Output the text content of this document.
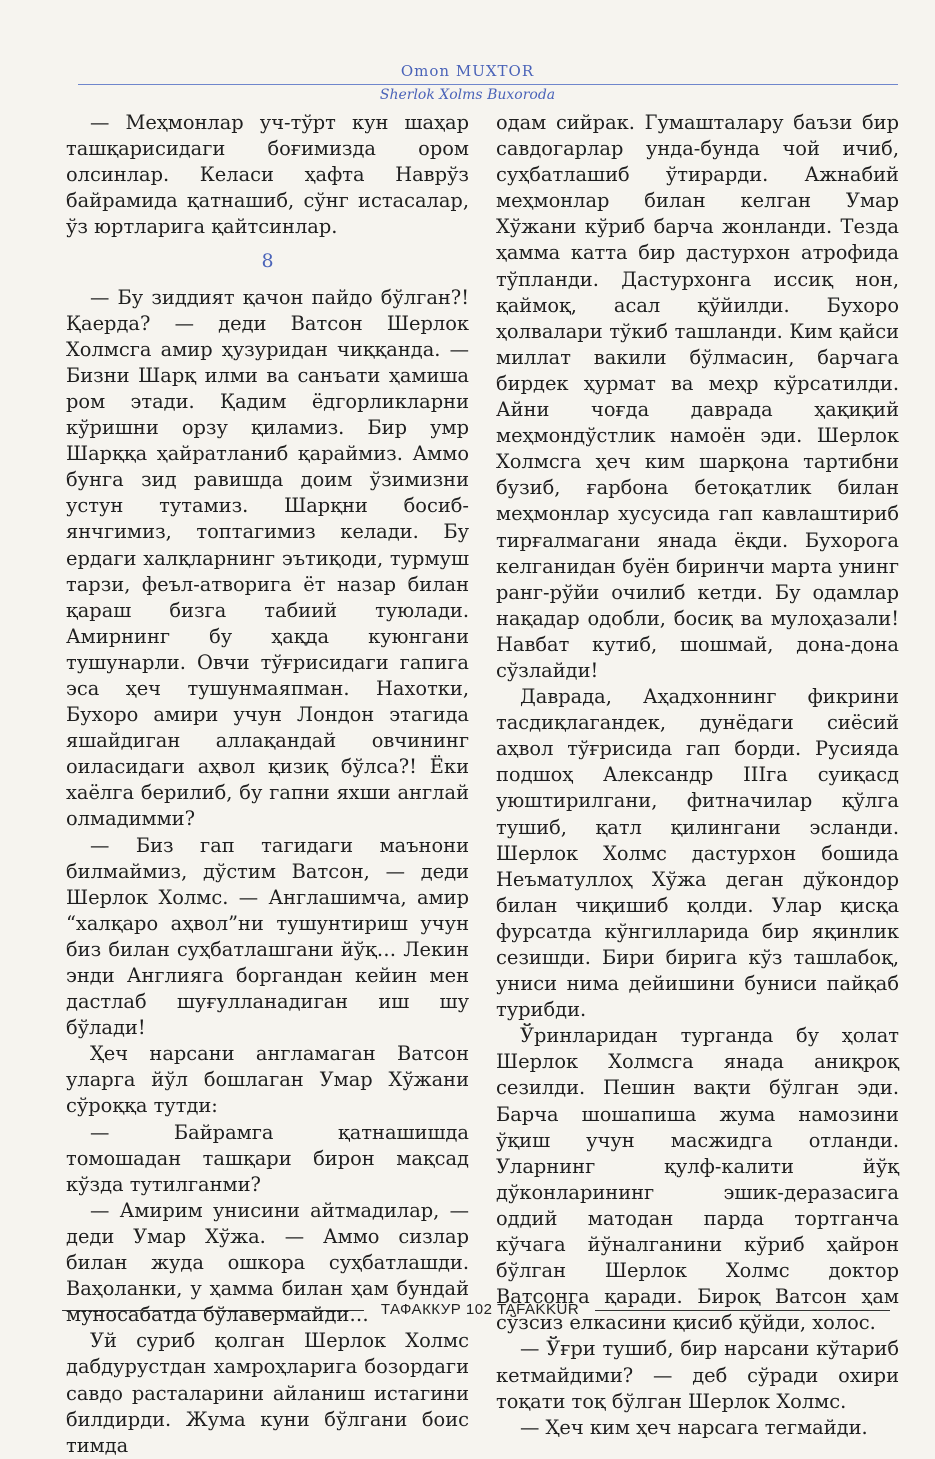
Omon MUXTOR
Sherlok Xolms Buxoroda

— Меҳмонлар уч-тўрт кун шаҳар ташқарисидаги боғимизда ором олсинлар. Келаси ҳафта Наврўз байрамида қатнашиб, сўнг истасалар, ўз юртларига қайтсинлар.

8

— Бу зиддият қачон пайдо бўлган?! Қаерда? — деди Ватсон Шерлок Холмсга амир ҳузуридан чиққанда. — Бизни Шарқ илми ва санъати ҳамиша ром этади. Қадим ёдгорликларни кўришни орзу қиламиз. Бир умр Шарққа ҳайратланиб қараймиз. Аммо бунга зид равишда доим ўзимизни устун тутамиз. Шарқни босиб-янчгимиз, топтагимиз келади. Бу ердаги халқларнинг эътиқоди, турмуш тарзи, феъл-атворига ёт назар билан қараш бизга табиий туюлади. Амирнинг бу ҳақда куюнгани тушунарли. Овчи тўғрисидаги гапига эса ҳеч тушунмаяпман. Нахотки, Бухоро амири учун Лондон этагида яшайдиган аллақандай овчининг оиласидаги аҳвол қизиқ бўлса?! Ёки хаёлга берилиб, бу гапни яхши англай олмадимми?

— Биз гап тагидаги маънони билмаймиз, дўстим Ватсон, — деди Шерлок Холмс. — Англашимча, амир “халқаро аҳвол”ни тушунтириш учун биз билан суҳбатлашгани йўқ… Лекин энди Англияга боргандан кейин мен дастлаб шуғулланадиган иш шу бўлади!

Ҳеч нарсани англамаган Ватсон уларга йўл бошлаган Умар Хўжани сўроққа тутди:

— Байрамга қатнашишда томошадан ташқари бирон мақсад кўзда тутилганми?

— Амирим унисини айтмадилар, — деди Умар Хўжа. — Аммо сизлар билан жуда ошкора суҳбатлашди. Ваҳоланки, у ҳамма билан ҳам бундай муносабатда бўлавермайди…

Уй суриб қолган Шерлок Холмс дабдурустдан хамроҳларига бозордаги савдо расталарини айланиш истагини билдирди. Жума куни бўлгани боис тимда

одам сийрак. Гумашталару баъзи бир савдогарлар унда-бунда чой ичиб, суҳбатлашиб ўтирарди. Ажнабий меҳмонлар билан келган Умар Хўжани кўриб барча жонланди. Тезда ҳамма катта бир дастурхон атрофида тўпланди. Дастурхонга иссиқ нон, қаймоқ, асал қўйилди. Бухоро ҳолвалари тўкиб ташланди. Ким қайси миллат вакили бўлмасин, барчага бирдек ҳурмат ва меҳр кўрсатилди. Айни чоғда даврада ҳақиқий меҳмондўстлик намоён эди. Шерлок Холмсга ҳеч ким шарқона тартибни бузиб, ғарбона бетоқатлик билан меҳмонлар хусусида гап кавлаштириб тирғалмагани янада ёқди. Бухорога келганидан буён биринчи марта унинг ранг-рўйи очилиб кетди. Бу одамлар нақадар одобли, босиқ ва мулоҳазали! Навбат кутиб, шошмай, дона-дона сўзлайди!

Даврада, Аҳадхоннинг фикрини тасдиқлагандек, дунёдаги сиёсий аҳвол тўғрисида гап борди. Русияда подшоҳ Александр IIIга суиқасд уюштирилгани, фитначилар қўлга тушиб, қатл қилингани эсланди. Шерлок Холмс дастурхон бошида Неъматуллоҳ Хўжа деган дўкондор билан чиқишиб қолди. Улар қисқа фурсатда кўнгилларида бир яқинлик сезишди. Бири бирига кўз ташлабоқ, униси нима дейишини буниси пайқаб турибди.

Ўринларидан турганда бу ҳолат Шерлок Холмсга янада аниқроқ сезилди. Пешин вақти бўлган эди. Барча шошапиша жума намозини ўқиш учун масжидга отланди. Уларнинг қулф-калити йўқ дўконларининг эшик-деразасига оддий матодан парда тортганча кўчага йўналганини кўриб ҳайрон бўлган Шерлок Холмс доктор Ватсонга қаради. Бироқ Ватсон ҳам сўзсиз елкасини қисиб қўйди, холос.

— Ўғри тушиб, бир нарсани кўтариб кетмайдими? — деб сўради охири тоқати тоқ бўлган Шерлок Холмс.

— Ҳеч ким ҳеч нарсага тегмайди.

ТАФАККУР 102 TAFAKKUR
